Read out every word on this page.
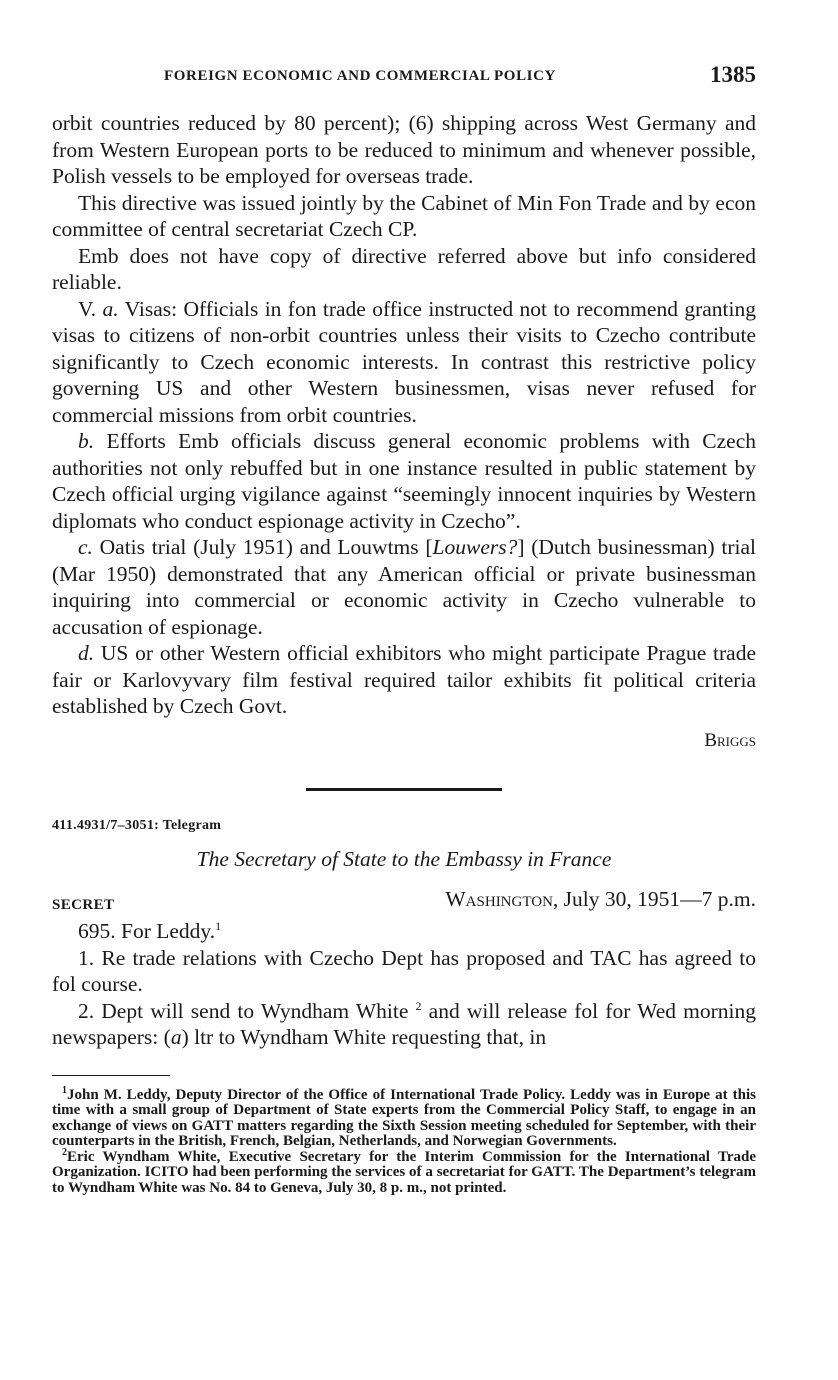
FOREIGN ECONOMIC AND COMMERCIAL POLICY	1385

orbit countries reduced by 80 percent); (6) shipping across West Germany and from Western European ports to be reduced to minimum and whenever possible, Polish vessels to be employed for overseas trade.

This directive was issued jointly by the Cabinet of Min Fon Trade and by econ committee of central secretariat Czech CP.

Emb does not have copy of directive referred above but info considered reliable.

V. a. Visas: Officials in fon trade office instructed not to recommend granting visas to citizens of non-orbit countries unless their visits to Czecho contribute significantly to Czech economic interests. In contrast this restrictive policy governing US and other Western businessmen, visas never refused for commercial missions from orbit countries.

b. Efforts Emb officials discuss general economic problems with Czech authorities not only rebuffed but in one instance resulted in public statement by Czech official urging vigilance against “seemingly innocent inquiries by Western diplomats who conduct espionage activity in Czecho”.

c. Oatis trial (July 1951) and Louwtms [Louwers?] (Dutch businessman) trial (Mar 1950) demonstrated that any American official or private businessman inquiring into commercial or economic activity in Czecho vulnerable to accusation of espionage.

d. US or other Western official exhibitors who might participate Prague trade fair or Karlovyvary film festival required tailor exhibits fit political criteria established by Czech Govt.

Briggs

411.4931/7–3051: Telegram

The Secretary of State to the Embassy in France

SECRET	Washington, July 30, 1951—7 p.m.

695. For Leddy.$^1$

1. Re trade relations with Czecho Dept has proposed and TAC has agreed to fol course.

2. Dept will send to Wyndham White $^2$ and will release fol for Wed morning newspapers: (a) ltr to Wyndham White requesting that, in

$^1$John M. Leddy, Deputy Director of the Office of International Trade Policy. Leddy was in Europe at this time with a small group of Department of State experts from the Commercial Policy Staff, to engage in an exchange of views on GATT matters regarding the Sixth Session meeting scheduled for September, with their counterparts in the British, French, Belgian, Netherlands, and Norwegian Governments.

$^2$Eric Wyndham White, Executive Secretary for the Interim Commission for the International Trade Organization. ICITO had been performing the services of a secretariat for GATT. The Department’s telegram to Wyndham White was No. 84 to Geneva, July 30, 8 p. m., not printed.
